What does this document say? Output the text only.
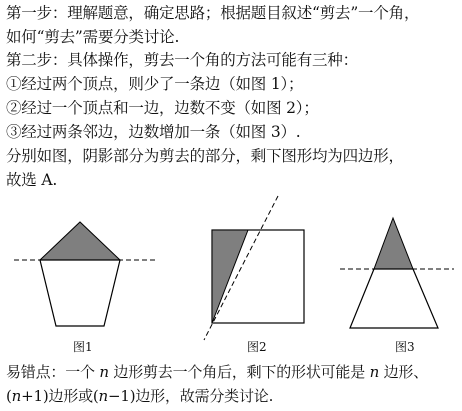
第一步：理解题意，确定思路；根据题目叙述“剪去”一个角，
如何“剪去”需要分类讨论.
第二步：具体操作，剪去一个角的方法可能有三种：
①经过两个顶点，则少了一条边（如图 1）；
②经过一个顶点和一边，边数不变（如图 2）；
③经过两条邻边，边数增加一条（如图 3）.
分别如图，阴影部分为剪去的部分，剩下图形均为四边形，
故选 A.
图1	图2	图3
易错点：一个 n 边形剪去一个角后，剩下的形状可能是 n 边形、
(n+1)边形或(n−1)边形，故需分类讨论.
